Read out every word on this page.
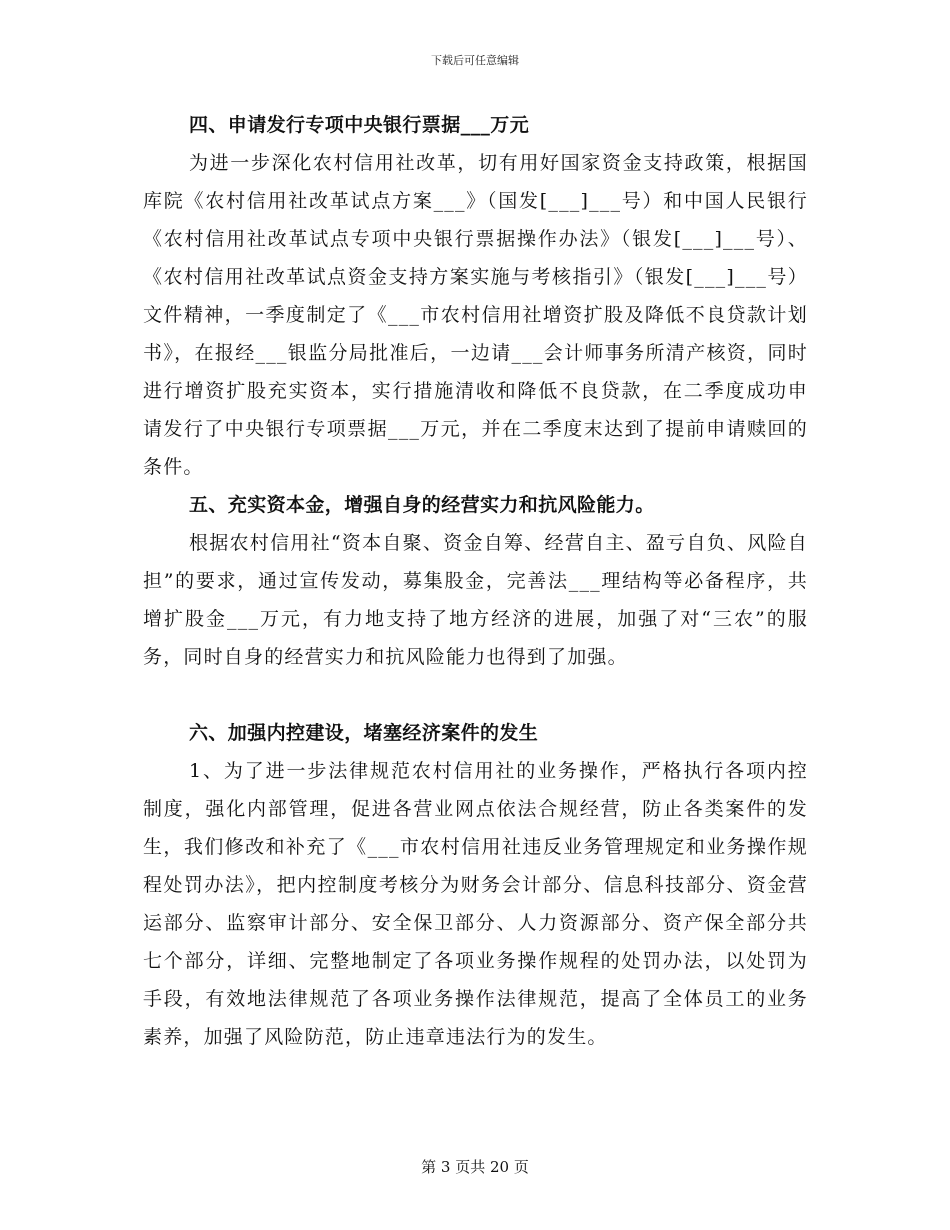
下载后可任意编辑
四、申请发行专项中央银行票据___万元
为进一步深化农村信用社改革，切有用好国家资金支持政策，根据国库院《农村信用社改革试点方案___》（国发[___]___号）和中国人民银行《农村信用社改革试点专项中央银行票据操作办法》（银发[___]___号）、《农村信用社改革试点资金支持方案实施与考核指引》（银发[___]___号）文件精神，一季度制定了《___市农村信用社增资扩股及降低不良贷款计划书》，在报经___银监分局批准后，一边请___会计师事务所清产核资，同时进行增资扩股充实资本，实行措施清收和降低不良贷款，在二季度成功申请发行了中央银行专项票据___万元，并在二季度末达到了提前申请赎回的条件。
五、充实资本金，增强自身的经营实力和抗风险能力。
根据农村信用社“资本自聚、资金自筹、经营自主、盈亏自负、风险自担”的要求，通过宣传发动，募集股金，完善法___理结构等必备程序，共增扩股金___万元，有力地支持了地方经济的进展，加强了对“三农”的服务，同时自身的经营实力和抗风险能力也得到了加强。
六、加强内控建设，堵塞经济案件的发生
1、为了进一步法律规范农村信用社的业务操作，严格执行各项内控制度，强化内部管理，促进各营业网点依法合规经营，防止各类案件的发生，我们修改和补充了《___市农村信用社违反业务管理规定和业务操作规程处罚办法》，把内控制度考核分为财务会计部分、信息科技部分、资金营运部分、监察审计部分、安全保卫部分、人力资源部分、资产保全部分共七个部分，详细、完整地制定了各项业务操作规程的处罚办法，以处罚为手段，有效地法律规范了各项业务操作法律规范，提高了全体员工的业务素养，加强了风险防范，防止违章违法行为的发生。
第 3 页共 20 页
